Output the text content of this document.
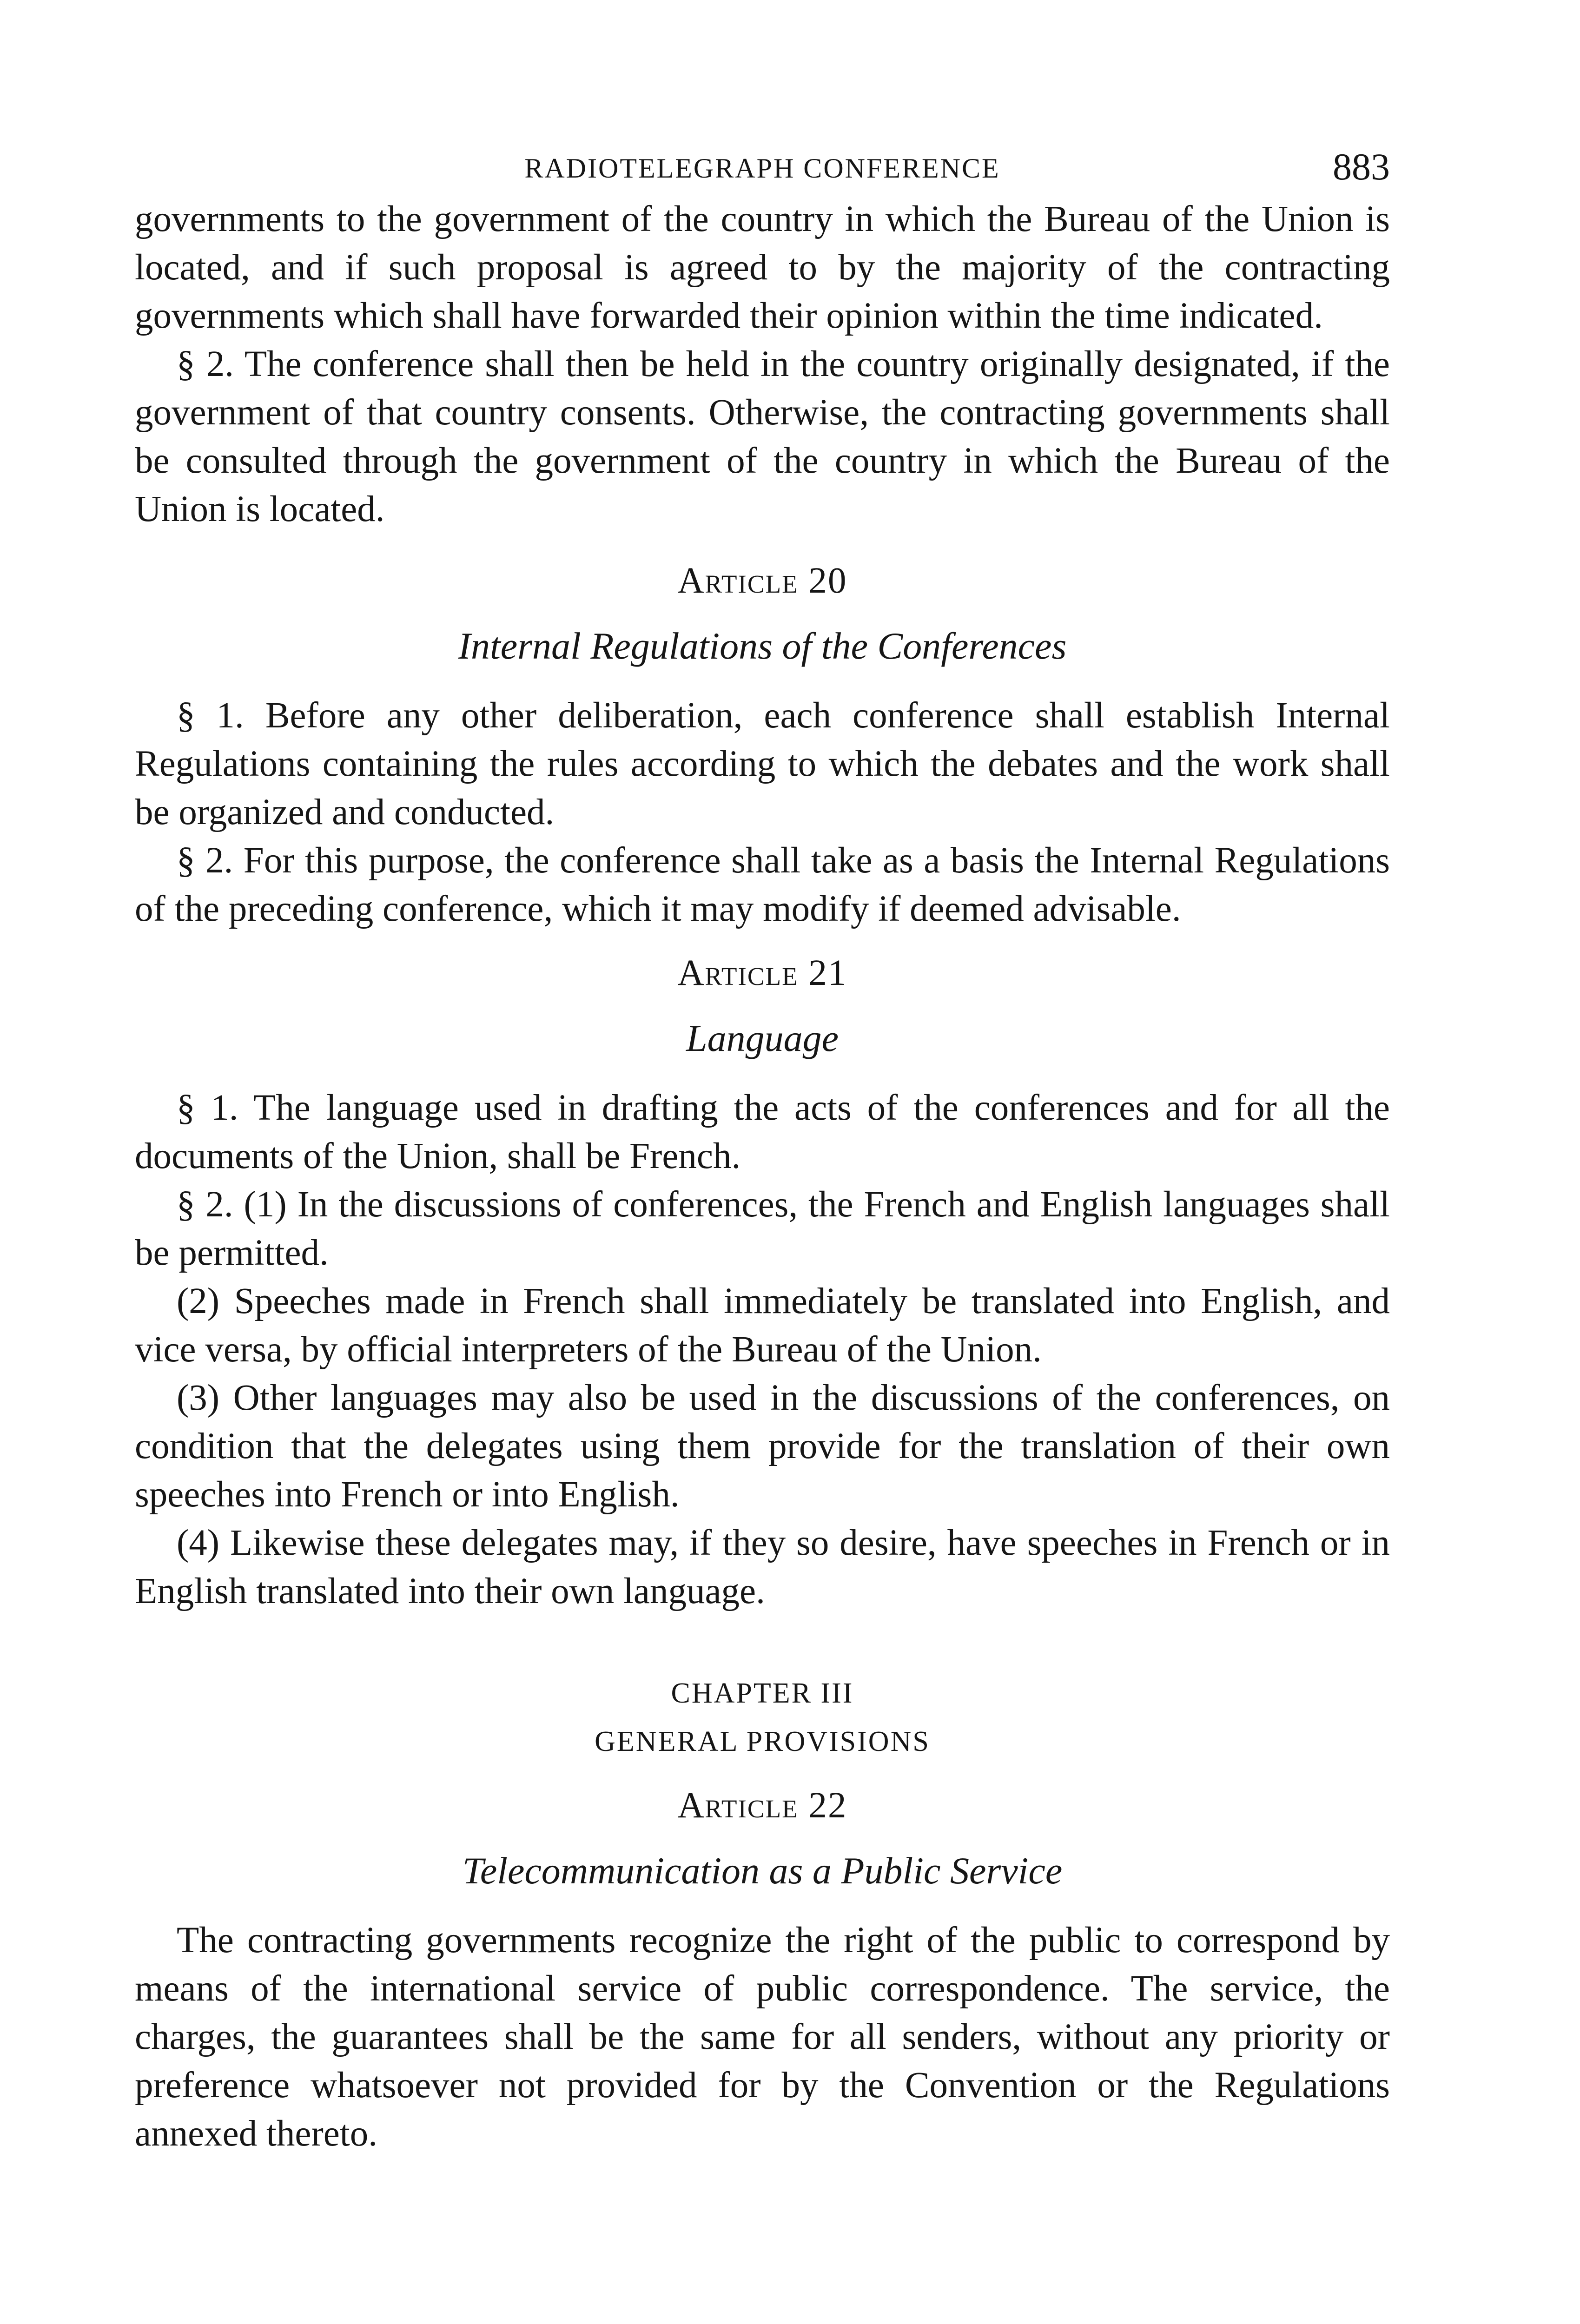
RADIOTELEGRAPH CONFERENCE	883

governments to the government of the country in which the Bureau of the Union is located, and if such proposal is agreed to by the majority of the contracting governments which shall have forwarded their opinion within the time indicated.

§ 2. The conference shall then be held in the country originally designated, if the government of that country consents. Otherwise, the contracting governments shall be consulted through the government of the country in which the Bureau of the Union is located.

Article 20
Internal Regulations of the Conferences

§ 1. Before any other deliberation, each conference shall establish Internal Regulations containing the rules according to which the debates and the work shall be organized and conducted.

§ 2. For this purpose, the conference shall take as a basis the Internal Regulations of the preceding conference, which it may modify if deemed advisable.

Article 21
Language

§ 1. The language used in drafting the acts of the conferences and for all the documents of the Union, shall be French.

§ 2. (1) In the discussions of conferences, the French and English languages shall be permitted.

(2) Speeches made in French shall immediately be translated into English, and vice versa, by official interpreters of the Bureau of the Union.

(3) Other languages may also be used in the discussions of the conferences, on condition that the delegates using them provide for the translation of their own speeches into French or into English.

(4) Likewise these delegates may, if they so desire, have speeches in French or in English translated into their own language.

CHAPTER III
GENERAL PROVISIONS
Article 22
Telecommunication as a Public Service

The contracting governments recognize the right of the public to correspond by means of the international service of public correspondence. The service, the charges, the guarantees shall be the same for all senders, without any priority or preference whatsoever not provided for by the Convention or the Regulations annexed thereto.
